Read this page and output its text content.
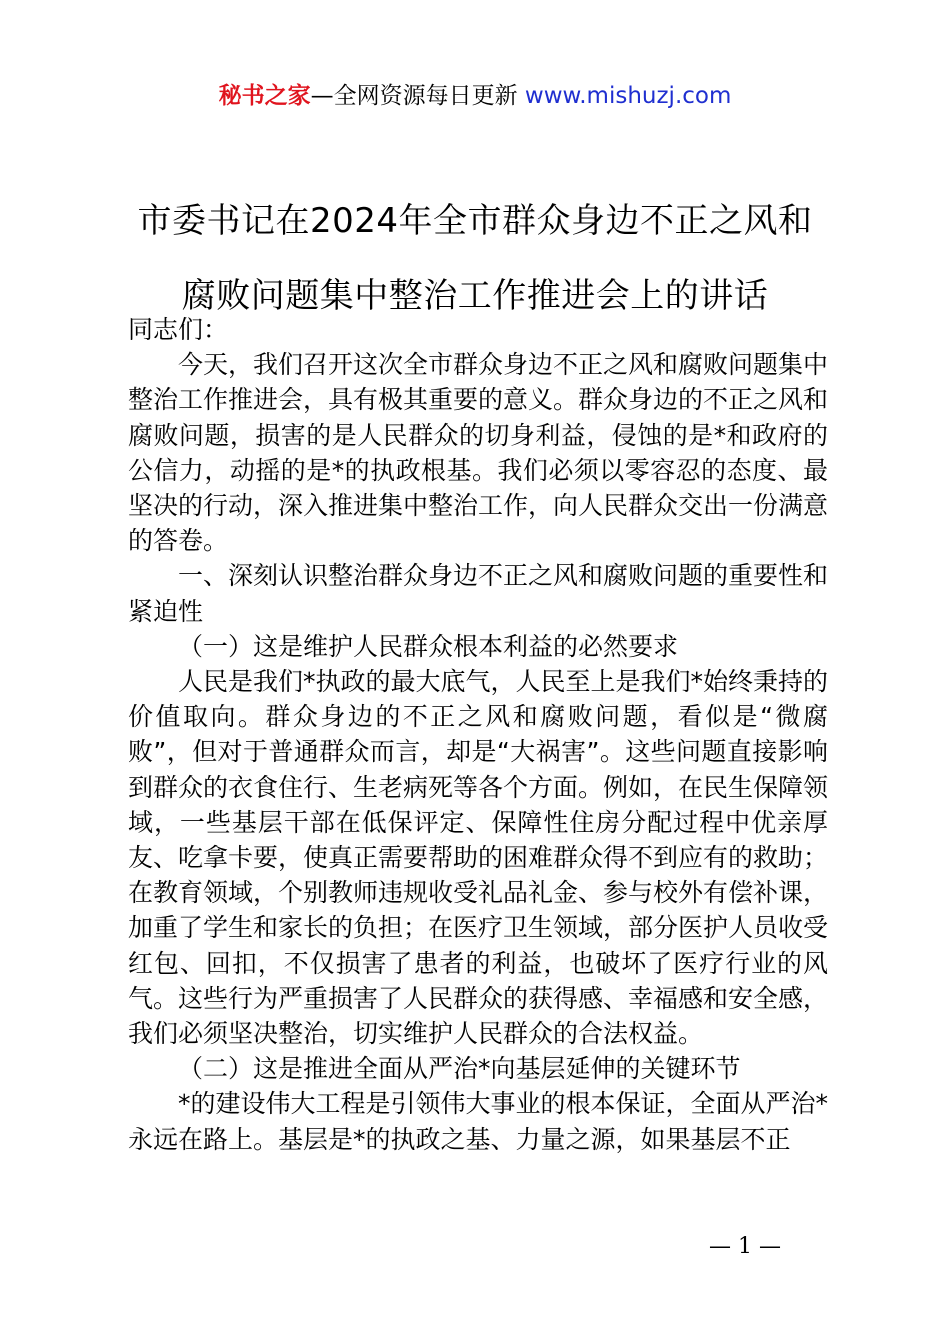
秘书之家—全网资源每日更新 www.mishuzj.com
市委书记在2024年全市群众身边不正之风和
腐败问题集中整治工作推进会上的讲话

同志们：

今天，我们召开这次全市群众身边不正之风和腐败问题集中整治工作推进会，具有极其重要的意义。群众身边的不正之风和腐败问题，损害的是人民群众的切身利益，侵蚀的是*和政府的公信力，动摇的是*的执政根基。我们必须以零容忍的态度、最坚决的行动，深入推进集中整治工作，向人民群众交出一份满意的答卷。

一、深刻认识整治群众身边不正之风和腐败问题的重要性和紧迫性

（一）这是维护人民群众根本利益的必然要求

人民是我们*执政的最大底气，人民至上是我们*始终秉持的价值取向。群众身边的不正之风和腐败问题，看似是“微腐败”，但对于普通群众而言，却是“大祸害”。这些问题直接影响到群众的衣食住行、生老病死等各个方面。例如，在民生保障领域，一些基层干部在低保评定、保障性住房分配过程中优亲厚友、吃拿卡要，使真正需要帮助的困难群众得不到应有的救助；在教育领域，个别教师违规收受礼品礼金、参与校外有偿补课，加重了学生和家长的负担；在医疗卫生领域，部分医护人员收受红包、回扣，不仅损害了患者的利益，也破坏了医疗行业的风气。这些行为严重损害了人民群众的获得感、幸福感和安全感，我们必须坚决整治，切实维护人民群众的合法权益。

（二）这是推进全面从严治*向基层延伸的关键环节

*的建设伟大工程是引领伟大事业的根本保证，全面从严治*永远在路上。基层是*的执政之基、力量之源，如果基层不正

— 1 —
